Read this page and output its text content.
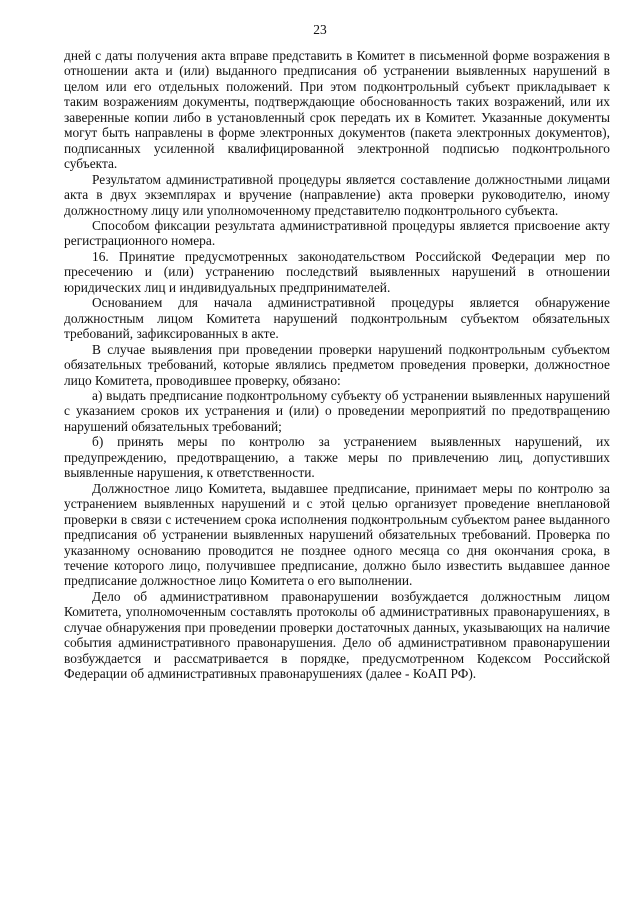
23

дней с даты получения акта вправе представить в Комитет в письменной форме возражения в отношении акта и (или) выданного предписания об устранении выявленных нарушений в целом или его отдельных положений. При этом подконтрольный субъект прикладывает к таким возражениям документы, подтверждающие обоснованность таких возражений, или их заверенные копии либо в установленный срок передать их в Комитет. Указанные документы могут быть направлены в форме электронных документов (пакета электронных документов), подписанных усиленной квалифицированной электронной подписью подконтрольного субъекта.

Результатом административной процедуры является составление должностными лицами акта в двух экземплярах и вручение (направление) акта проверки руководителю, иному должностному лицу или уполномоченному представителю подконтрольного субъекта.

Способом фиксации результата административной процедуры является присвоение акту регистрационного номера.

16. Принятие предусмотренных законодательством Российской Федерации мер по пресечению и (или) устранению последствий выявленных нарушений в отношении юридических лиц и индивидуальных предпринимателей.

Основанием для начала административной процедуры является обнаружение должностным лицом Комитета нарушений подконтрольным субъектом обязательных требований, зафиксированных в акте.

В случае выявления при проведении проверки нарушений подконтрольным субъектом обязательных требований, которые являлись предметом проведения проверки, должностное лицо Комитета, проводившее проверку, обязано:

а) выдать предписание подконтрольному субъекту об устранении выявленных нарушений с указанием сроков их устранения и (или) о проведении мероприятий по предотвращению нарушений обязательных требований;

б) принять меры по контролю за устранением выявленных нарушений, их предупреждению, предотвращению, а также меры по привлечению лиц, допустивших выявленные нарушения, к ответственности.

Должностное лицо Комитета, выдавшее предписание, принимает меры по контролю за устранением выявленных нарушений и с этой целью организует проведение внеплановой проверки в связи с истечением срока исполнения подконтрольным субъектом ранее выданного предписания об устранении выявленных нарушений обязательных требований. Проверка по указанному основанию проводится не позднее одного месяца со дня окончания срока, в течение которого лицо, получившее предписание, должно было известить выдавшее данное предписание должностное лицо Комитета о его выполнении.

Дело об административном правонарушении возбуждается должностным лицом Комитета, уполномоченным составлять протоколы об административных правонарушениях, в случае обнаружения при проведении проверки достаточных данных, указывающих на наличие события административного правонарушения. Дело об административном правонарушении возбуждается и рассматривается в порядке, предусмотренном Кодексом Российской Федерации об административных правонарушениях (далее - КоАП РФ).
